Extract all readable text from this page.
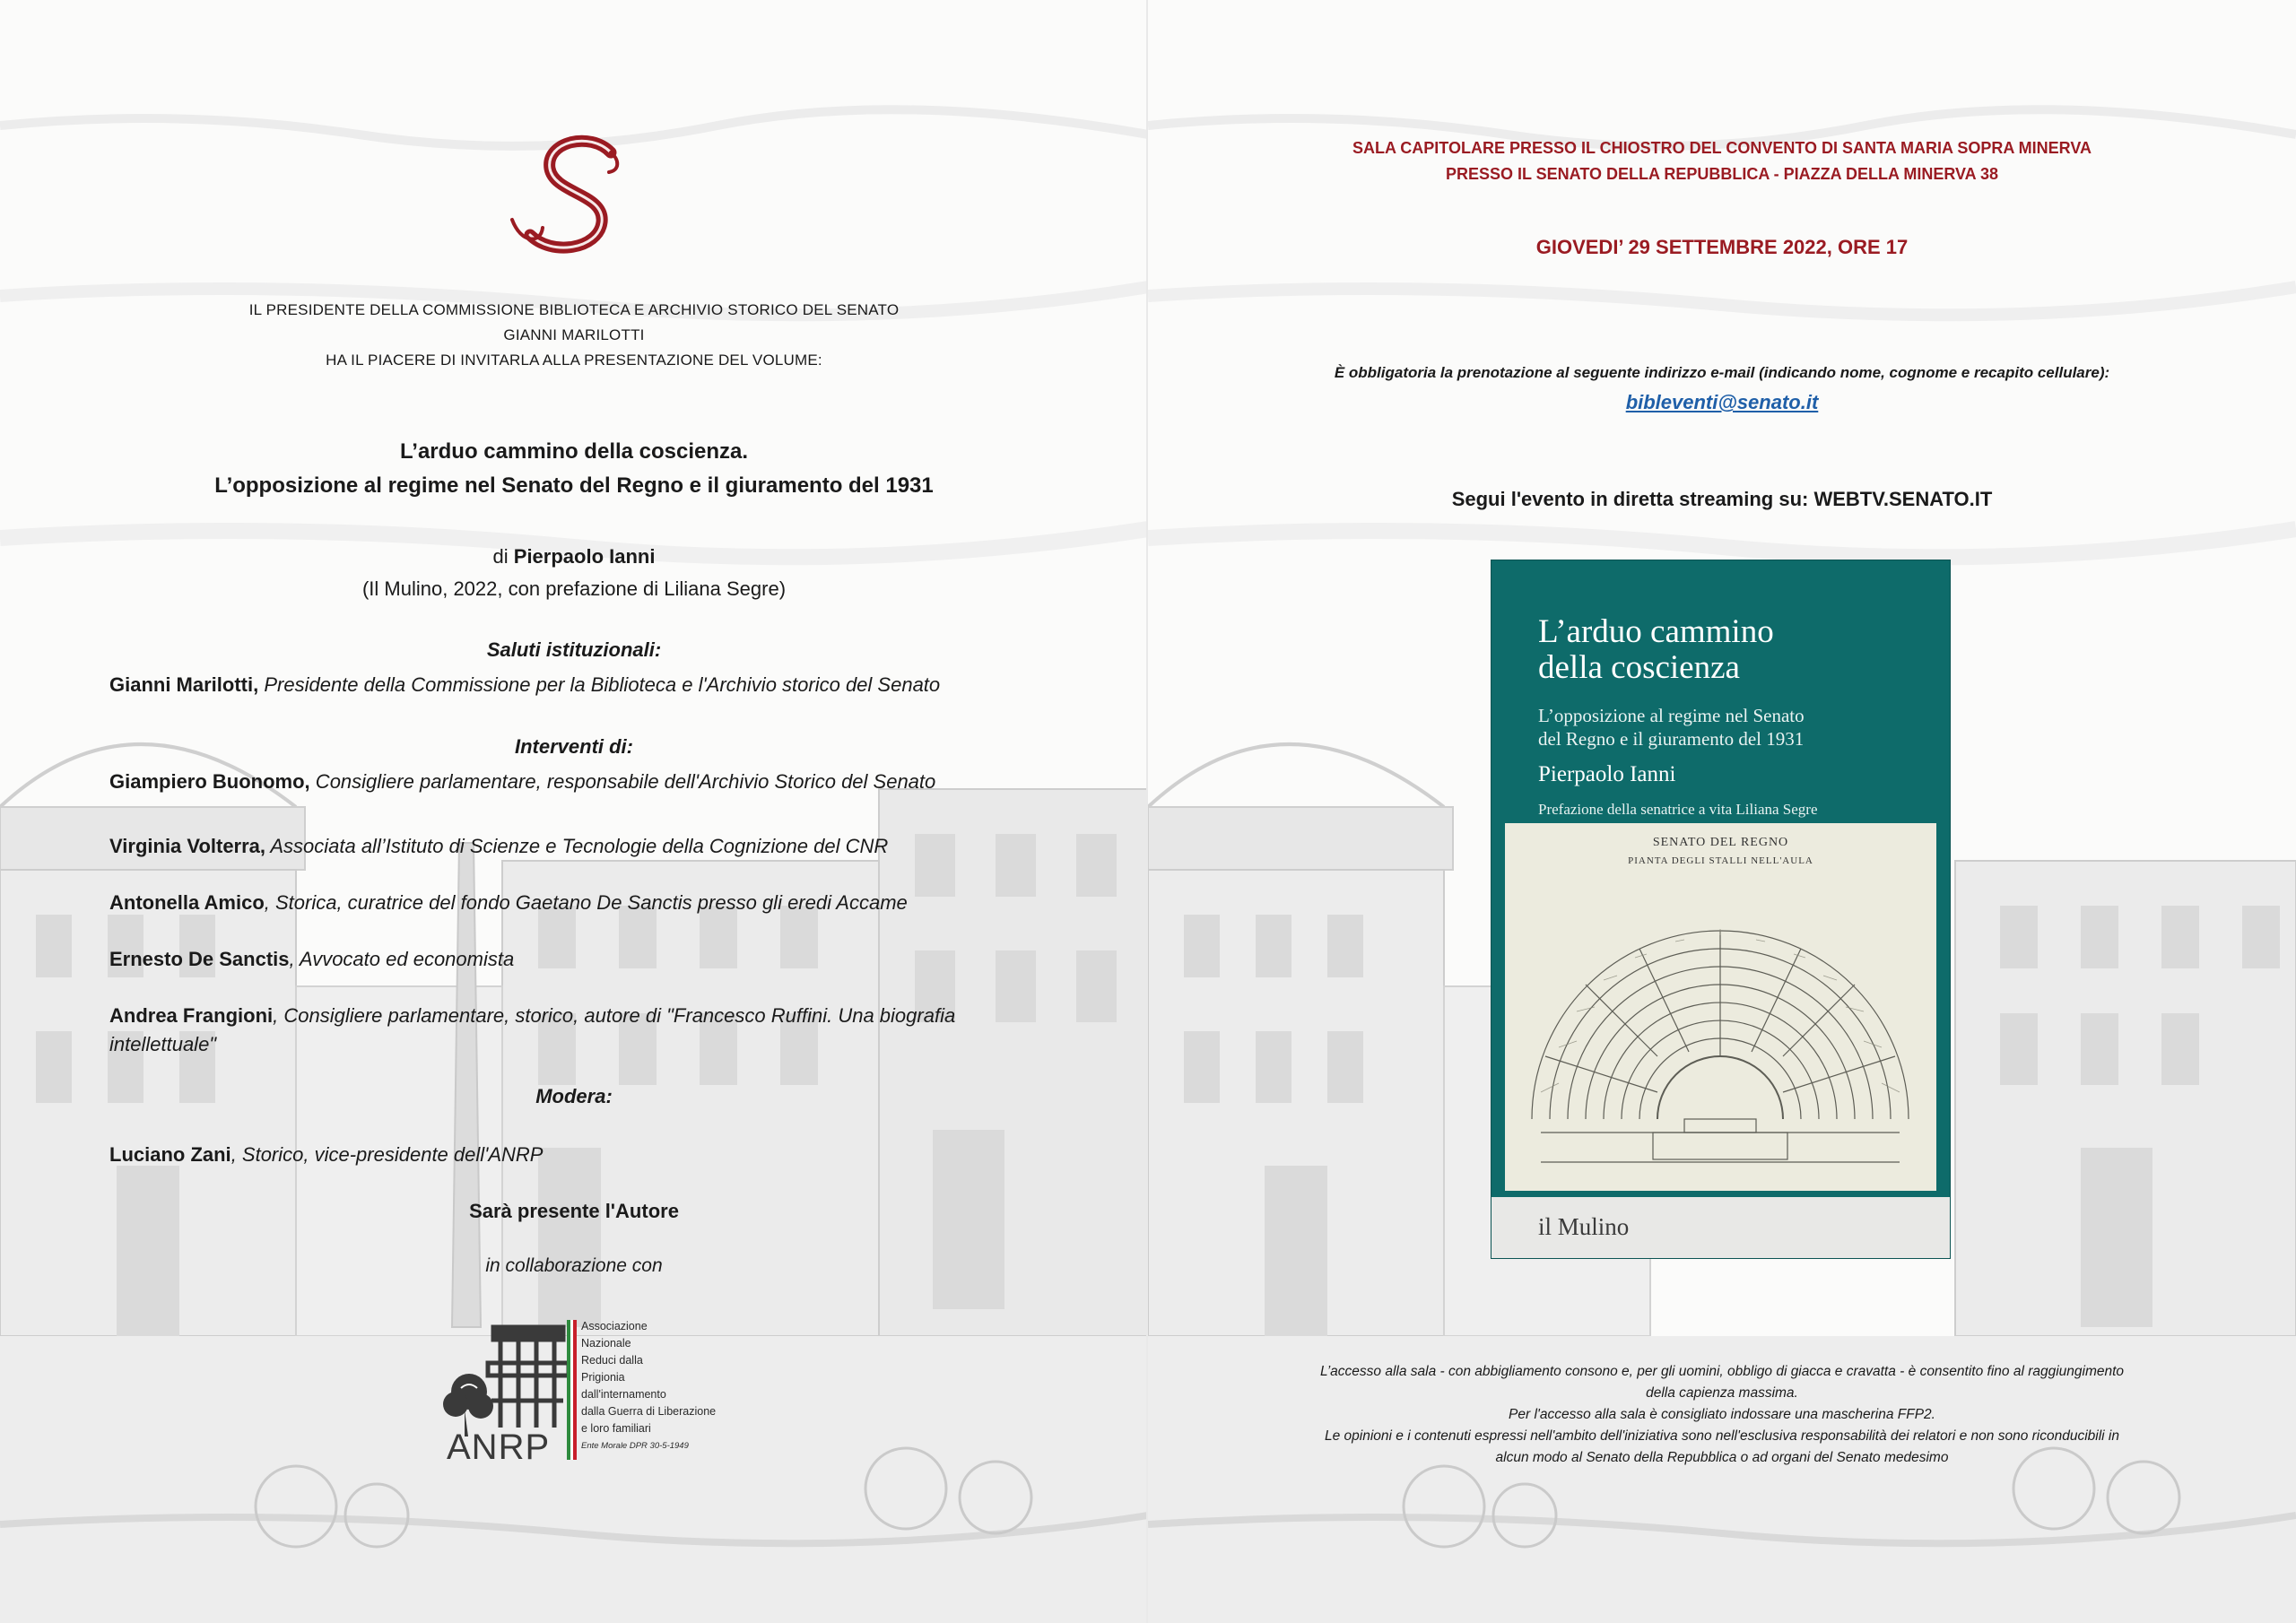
IL PRESIDENTE DELLA COMMISSIONE BIBLIOTECA E ARCHIVIO STORICO DEL SENATO
GIANNI MARILOTTI
HA IL PIACERE DI INVITARLA ALLA PRESENTAZIONE DEL VOLUME:
L’arduo cammino della coscienza.
L’opposizione al regime nel Senato del Regno e il giuramento del 1931
di Pierpaolo Ianni
(Il Mulino, 2022, con prefazione di Liliana Segre)
Saluti istituzionali:
Gianni Marilotti, Presidente della Commissione per la Biblioteca e l'Archivio storico del Senato
Interventi di:
Giampiero Buonomo, Consigliere parlamentare, responsabile dell'Archivio Storico del Senato
Virginia Volterra, Associata all’Istituto di Scienze e Tecnologie della Cognizione del CNR
Antonella Amico, Storica, curatrice del fondo Gaetano De Sanctis presso gli eredi Accame
Ernesto De Sanctis, Avvocato ed economista
Andrea Frangioni, Consigliere parlamentare, storico, autore di "Francesco Ruffini. Una biografia intellettuale"
Modera:
Luciano Zani, Storico, vice-presidente dell'ANRP
Sarà presente l'Autore
in collaborazione con
ANRP
Associazione
Nazionale
Reduci dalla
Prigionia
dall'internamento
dalla Guerra di Liberazione
e loro familiari
Ente Morale DPR 30-5-1949
SALA CAPITOLARE PRESSO IL CHIOSTRO DEL CONVENTO DI SANTA MARIA SOPRA MINERVA
PRESSO IL SENATO DELLA REPUBBLICA - PIAZZA DELLA MINERVA 38
GIOVEDI’ 29 SETTEMBRE 2022, ORE 17
È obbligatoria la prenotazione al seguente indirizzo e-mail (indicando nome, cognome e recapito cellulare):
bibleventi@senato.it
Segui l'evento in diretta streaming su: WEBTV.SENATO.IT
L’arduo cammino
della coscienza
L’opposizione al regime nel Senato
del Regno e il giuramento del 1931
Pierpaolo Ianni
Prefazione della senatrice a vita Liliana Segre
SENATO DEL REGNO
PIANTA DEGLI STALLI NELL'AULA
il Mulino
L’accesso alla sala - con abbigliamento consono e, per gli uomini, obbligo di giacca e cravatta - è consentito fino al raggiungimento
della capienza massima.
Per l'accesso alla sala è consigliato indossare una mascherina FFP2.
Le opinioni e i contenuti espressi nell'ambito dell'iniziativa sono nell'esclusiva responsabilità dei relatori e non sono riconducibili in
alcun modo al Senato della Repubblica o ad organi del Senato medesimo
